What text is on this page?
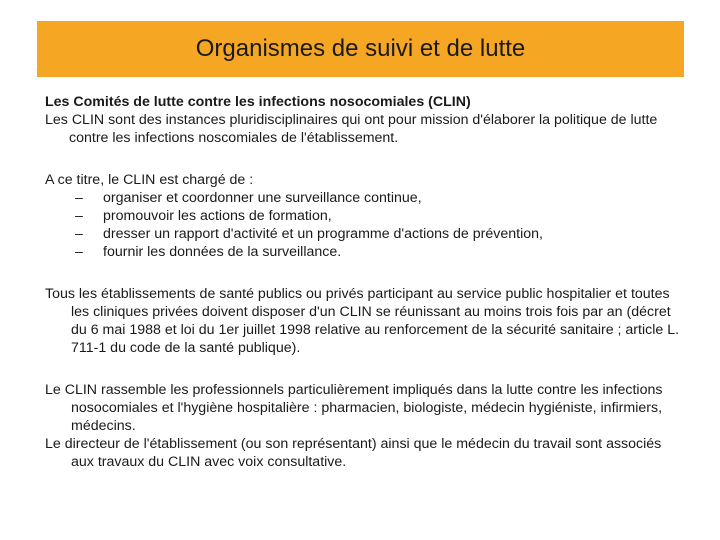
Organismes de suivi et de lutte

Les Comités de lutte contre les infections nosocomiales (CLIN)

Les CLIN sont des instances pluridisciplinaires qui ont pour mission d'élaborer la politique de lutte contre les infections noscomiales de l'établissement.

A ce titre, le CLIN est chargé de :

– organiser et coordonner une surveillance continue,
– promouvoir les actions de formation,
– dresser un rapport d'activité et un programme d'actions de prévention,
– fournir les données de la surveillance.

Tous les établissements de santé publics ou privés participant au service public hospitalier et toutes les cliniques privées doivent disposer d'un CLIN se réunissant au moins trois fois par an (décret du 6 mai 1988 et loi du 1er juillet 1998 relative au renforcement de la sécurité sanitaire ; article L. 711-1 du code de la santé publique).

Le CLIN rassemble les professionnels particulièrement impliqués dans la lutte contre les infections nosocomiales et l'hygiène hospitalière : pharmacien, biologiste, médecin hygiéniste, infirmiers, médecins.
Le directeur de l'établissement (ou son représentant) ainsi que le médecin du travail sont associés aux travaux du CLIN avec voix consultative.
